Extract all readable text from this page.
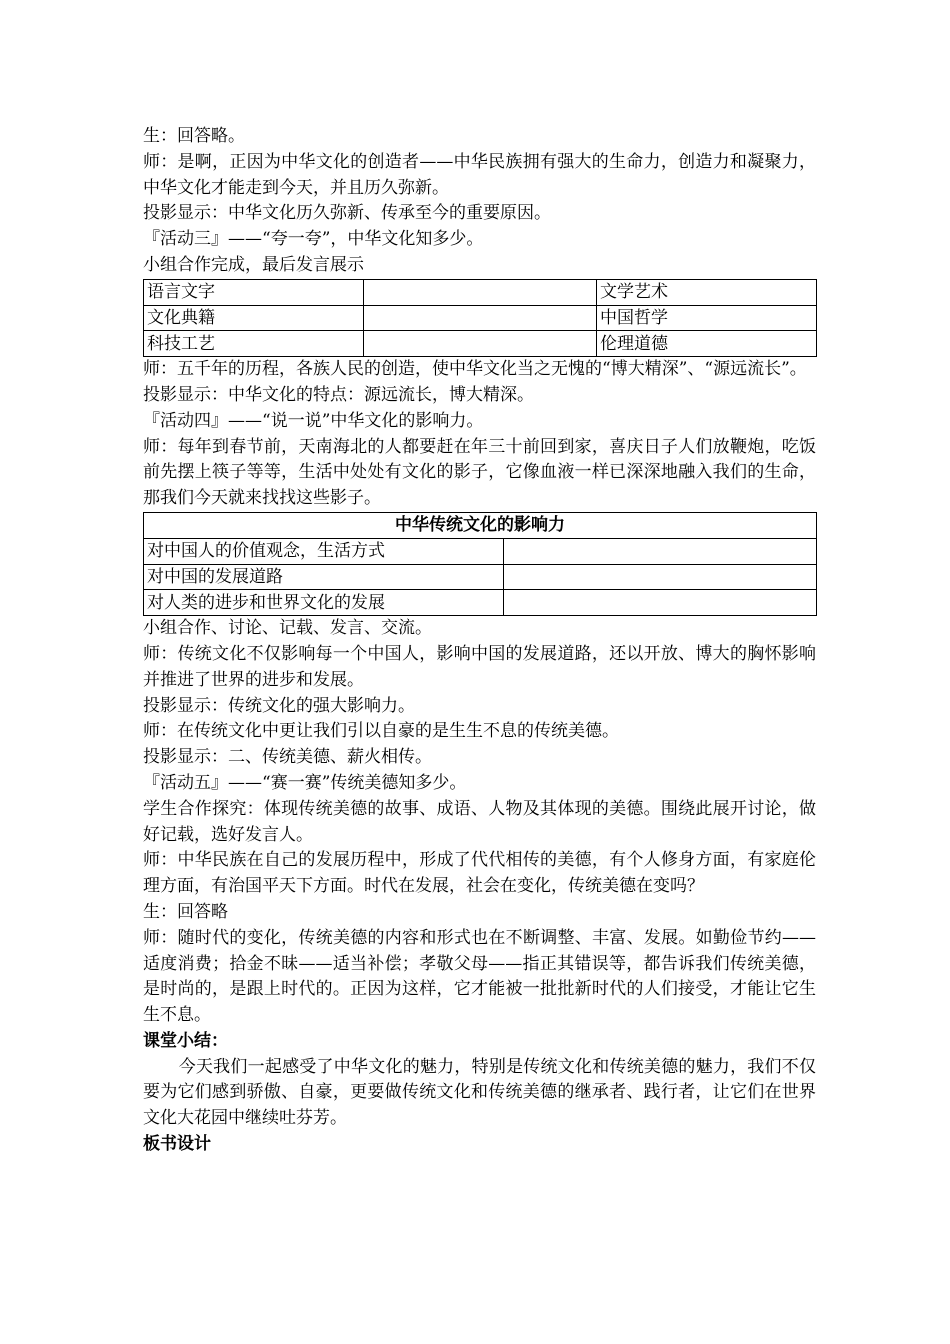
生：回答略。

师：是啊，正因为中华文化的创造者——中华民族拥有强大的生命力，创造力和凝聚力，中华文化才能走到今天，并且历久弥新。

投影显示：中华文化历久弥新、传承至今的重要原因。

『活动三』——“夸一夸”，中华文化知多少。

小组合作完成，最后发言展示

语言文字		文学艺术
文化典籍		中国哲学
科技工艺		伦理道德

师：五千年的历程，各族人民的创造，使中华文化当之无愧的“博大精深”、“源远流长”。

投影显示：中华文化的特点：源远流长，博大精深。

『活动四』——“说一说”中华文化的影响力。

师：每年到春节前，天南海北的人都要赶在年三十前回到家，喜庆日子人们放鞭炮，吃饭前先摆上筷子等等，生活中处处有文化的影子，它像血液一样已深深地融入我们的生命，那我们今天就来找找这些影子。

中华传统文化的影响力	
对中国人的价值观念，生活方式	
对中国的发展道路	
对人类的进步和世界文化的发展	

小组合作、讨论、记载、发言、交流。

师：传统文化不仅影响每一个中国人，影响中国的发展道路，还以开放、博大的胸怀影响并推进了世界的进步和发展。

投影显示：传统文化的强大影响力。

师：在传统文化中更让我们引以自豪的是生生不息的传统美德。

投影显示：二、传统美德、薪火相传。

『活动五』——“赛一赛”传统美德知多少。

学生合作探究：体现传统美德的故事、成语、人物及其体现的美德。围绕此展开讨论，做好记载，选好发言人。

师：中华民族在自己的发展历程中，形成了代代相传的美德，有个人修身方面，有家庭伦理方面，有治国平天下方面。时代在发展，社会在变化，传统美德在变吗？

生：回答略

师：随时代的变化，传统美德的内容和形式也在不断调整、丰富、发展。如勤俭节约——适度消费；拾金不昧——适当补偿；孝敬父母——指正其错误等，都告诉我们传统美德，是时尚的，是跟上时代的。正因为这样，它才能被一批批新时代的人们接受，才能让它生生不息。

课堂小结：

今天我们一起感受了中华文化的魅力，特别是传统文化和传统美德的魅力，我们不仅要为它们感到骄傲、自豪，更要做传统文化和传统美德的继承者、践行者，让它们在世界文化大花园中继续吐芬芳。

板书设计
